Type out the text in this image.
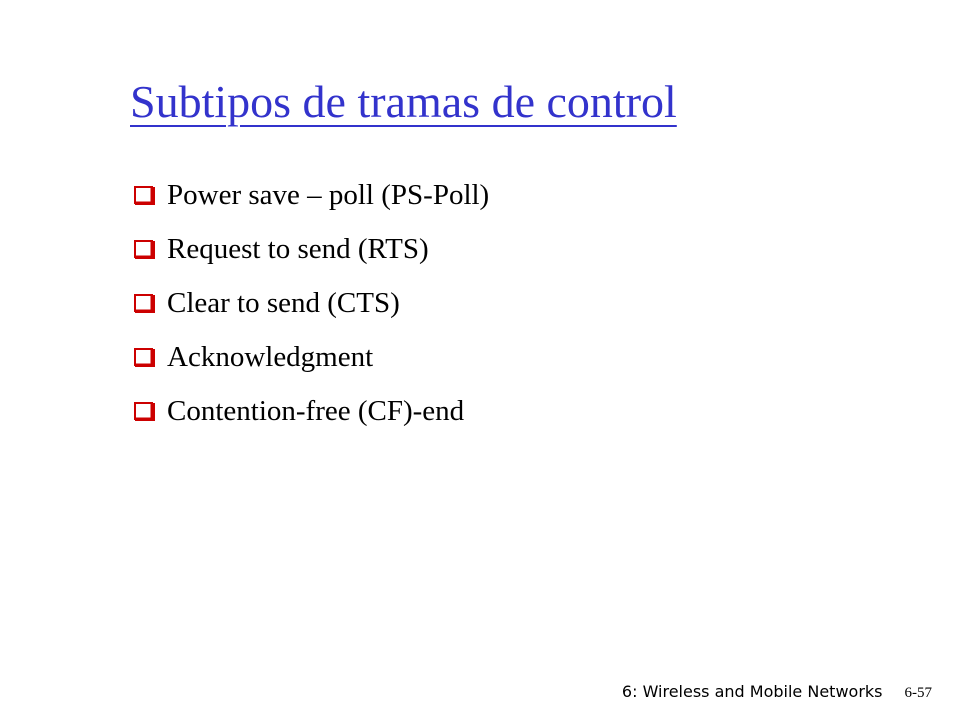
Subtipos de tramas de control
Power save – poll (PS-Poll)
Request to send (RTS)
Clear to send (CTS)
Acknowledgment
Contention-free (CF)-end
6: Wireless and Mobile Networks 6-57
